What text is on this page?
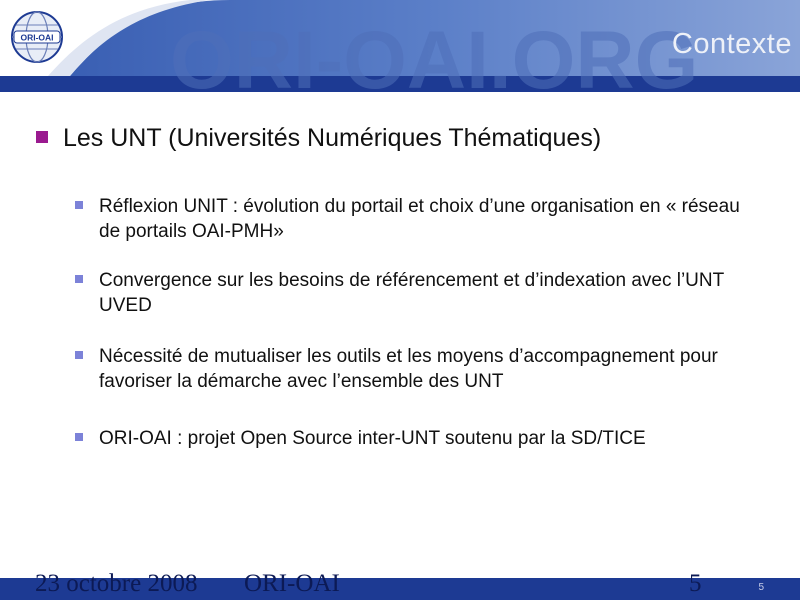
ORI-OAI.ORG
Contexte
ORI-OAI
Les UNT (Universités Numériques Thématiques)
Réflexion UNIT : évolution du portail et choix d’une organisation en « réseau de portails OAI-PMH»
Convergence sur les besoins de référencement et d’indexation avec l’UNT UVED
Nécessité de mutualiser les outils et les moyens d’accompagnement pour favoriser la démarche avec l’ensemble des UNT
ORI-OAI : projet Open Source inter-UNT soutenu par la SD/TICE
23 octobre 2008 ORI-OAI	5	5
